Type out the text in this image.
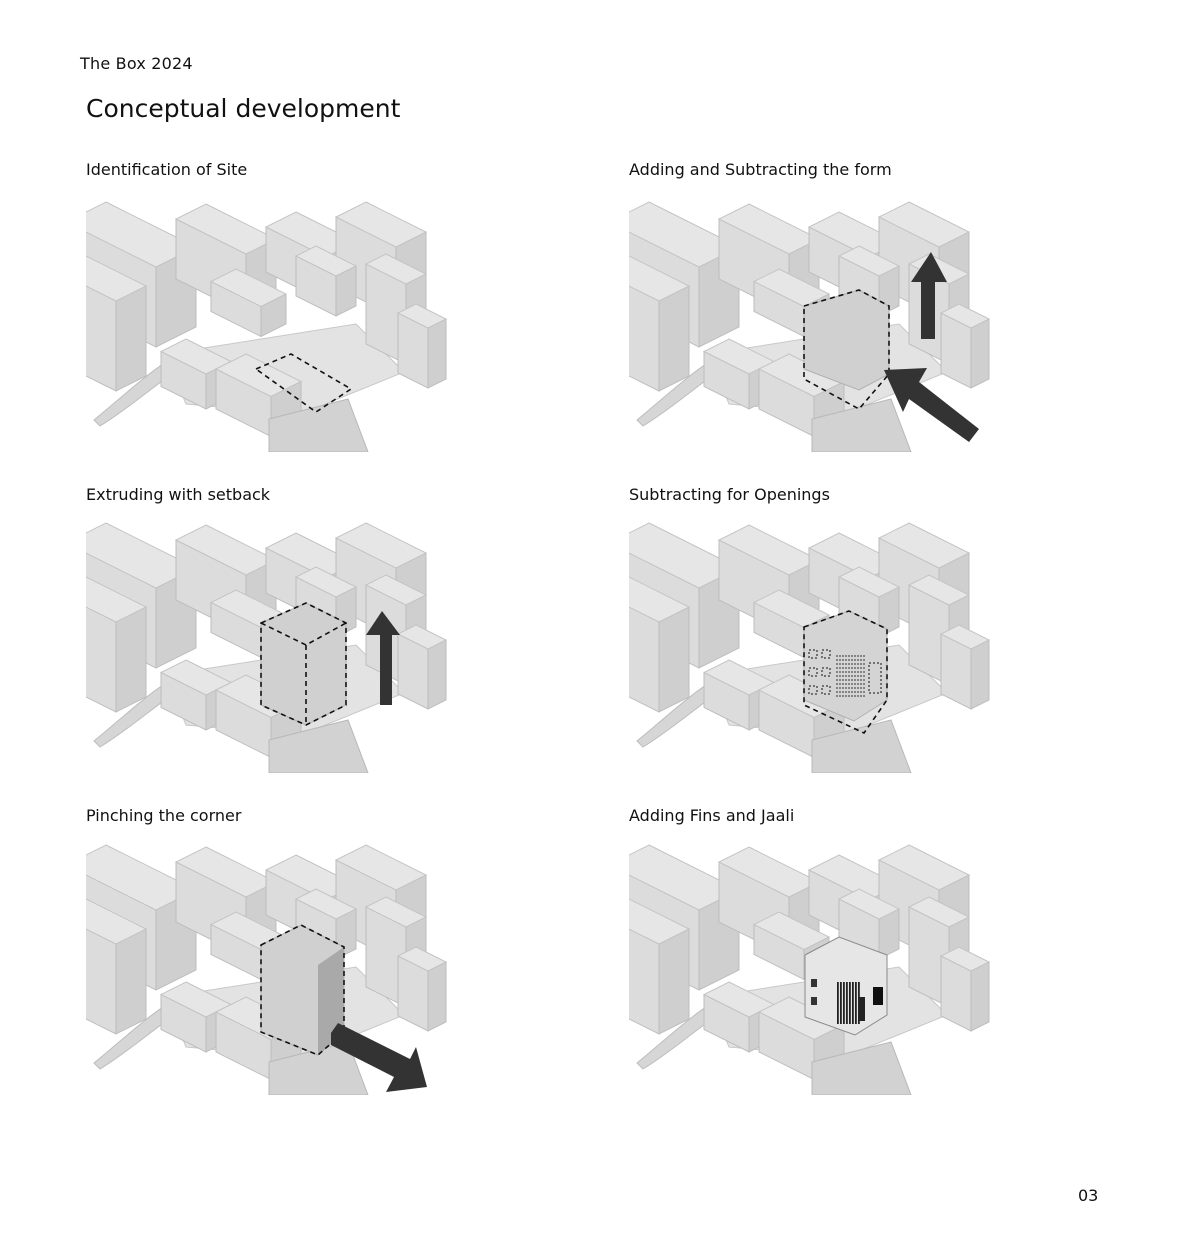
The Box 2024
Conceptual development
Identification of Site	Adding and Subtracting the form
Extruding with setback	Subtracting for Openings
Pinching the corner	Adding Fins and Jaali
03
